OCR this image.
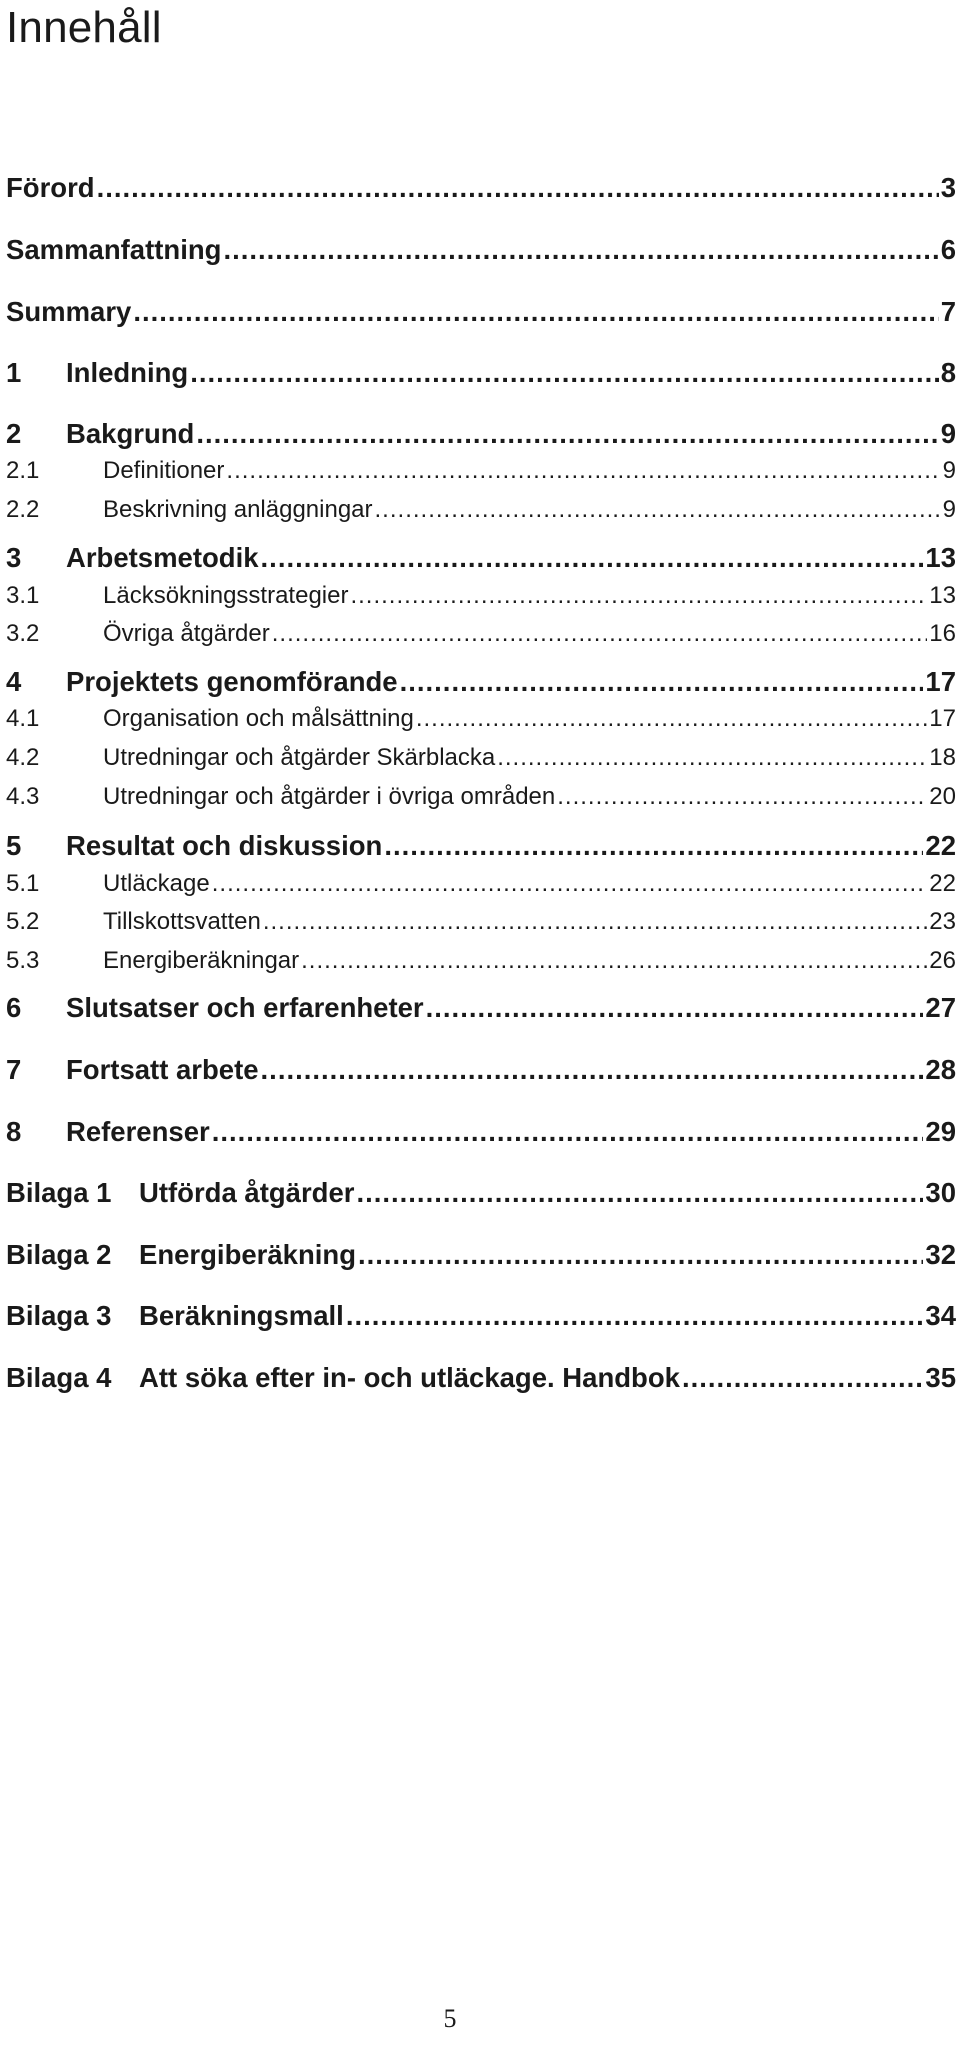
Innehåll
Förord .....	3
Sammanfattning .....	6
Summary .....	7
1	Inledning .....	8
2	Bakgrund .....	9
2.1	Definitioner .....	9
2.2	Beskrivning anläggningar .....	9
3	Arbetsmetodik .....	13
3.1	Läcksökningsstrategier .....	13
3.2	Övriga åtgärder .....	16
4	Projektets genomförande .....	17
4.1	Organisation och målsättning .....	17
4.2	Utredningar och åtgärder Skärblacka .....	18
4.3	Utredningar och åtgärder i övriga områden .....	20
5	Resultat och diskussion .....	22
5.1	Utläckage .....	22
5.2	Tillskottsvatten .....	23
5.3	Energiberäkningar .....	26
6	Slutsatser och erfarenheter .....	27
7	Fortsatt arbete .....	28
8	Referenser .....	29
Bilaga 1	Utförda åtgärder .....	30
Bilaga 2	Energiberäkning .....	32
Bilaga 3	Beräkningsmall .....	34
Bilaga 4	Att söka efter in- och utläckage. Handbok .....	35
5
